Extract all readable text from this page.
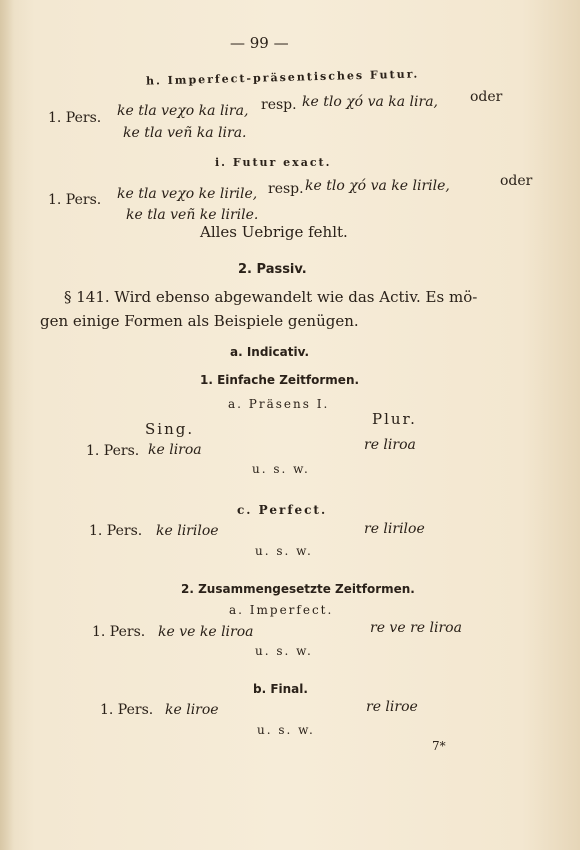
— 99 —
h. Imperfect-präsentisches Futur.
1. Pers. ke tla veχo ka lira, resp. ke tlo χó va ka lira, oder
ke tla veñ ka lira.
i. Futur exact.
1. Pers. ke tla veχo ke lirile, resp. ke tlo χó va ke lirile,	oder
ke tla veñ ke lirile.
Alles Uebrige fehlt.
2. Passiv.
§ 141. Wird ebenso abgewandelt wie das Activ. Es mö-
gen einige Formen als Beispiele genügen.
a. Indicativ.
1. Einfache Zeitformen.
a. Präsens I.
Sing.
Plur.
1. Pers. ke liroa	re liroa
u. s. w.
c. Perfect.
1. Pers. ke liriloe	re liriloe
u. s. w.
2. Zusammengesetzte Zeitformen.
a. Imperfect.
1. Pers. ke ve ke liroa	re ve re liroa
u. s. w.
b. Final.
1. Pers. ke liroe	re liroe
u. s. w.
7*
